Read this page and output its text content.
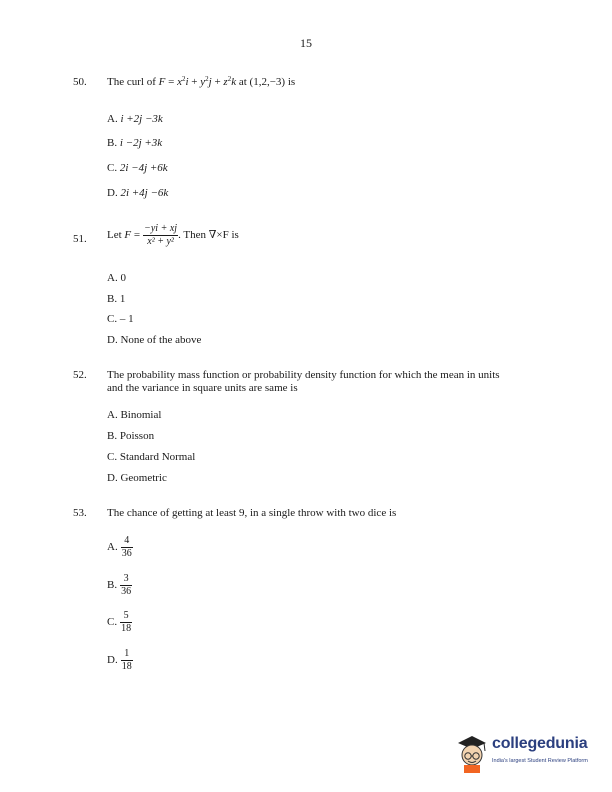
15
50. The curl of $F = x^2i + y^2j + z^2k$ at (1,2,−3) is
A. i +2j −3k
B. i −2j +3k
C. 2i −4j +6k
D. 2i +4j −6k
51. Let $F = \frac{-yi + xj}{\text{x² + y²}}$ . Then ∇×F is
A. 0
B. 1
C. – 1
D. None of the above
52. The probability mass function or probability density function for which the mean in units
and the variance in square units are same is
A. Binomial
B. Poisson
C. Standard Normal
D. Geometric
53. The chance of getting at least 9, in a single throw with two dice is
A. $\frac{4}{36}$
B. $\frac{3}{36}$
C. $\frac{5}{18}$
D. $\frac{1}{18}$
collegedunia
India's largest Student Review Platform
